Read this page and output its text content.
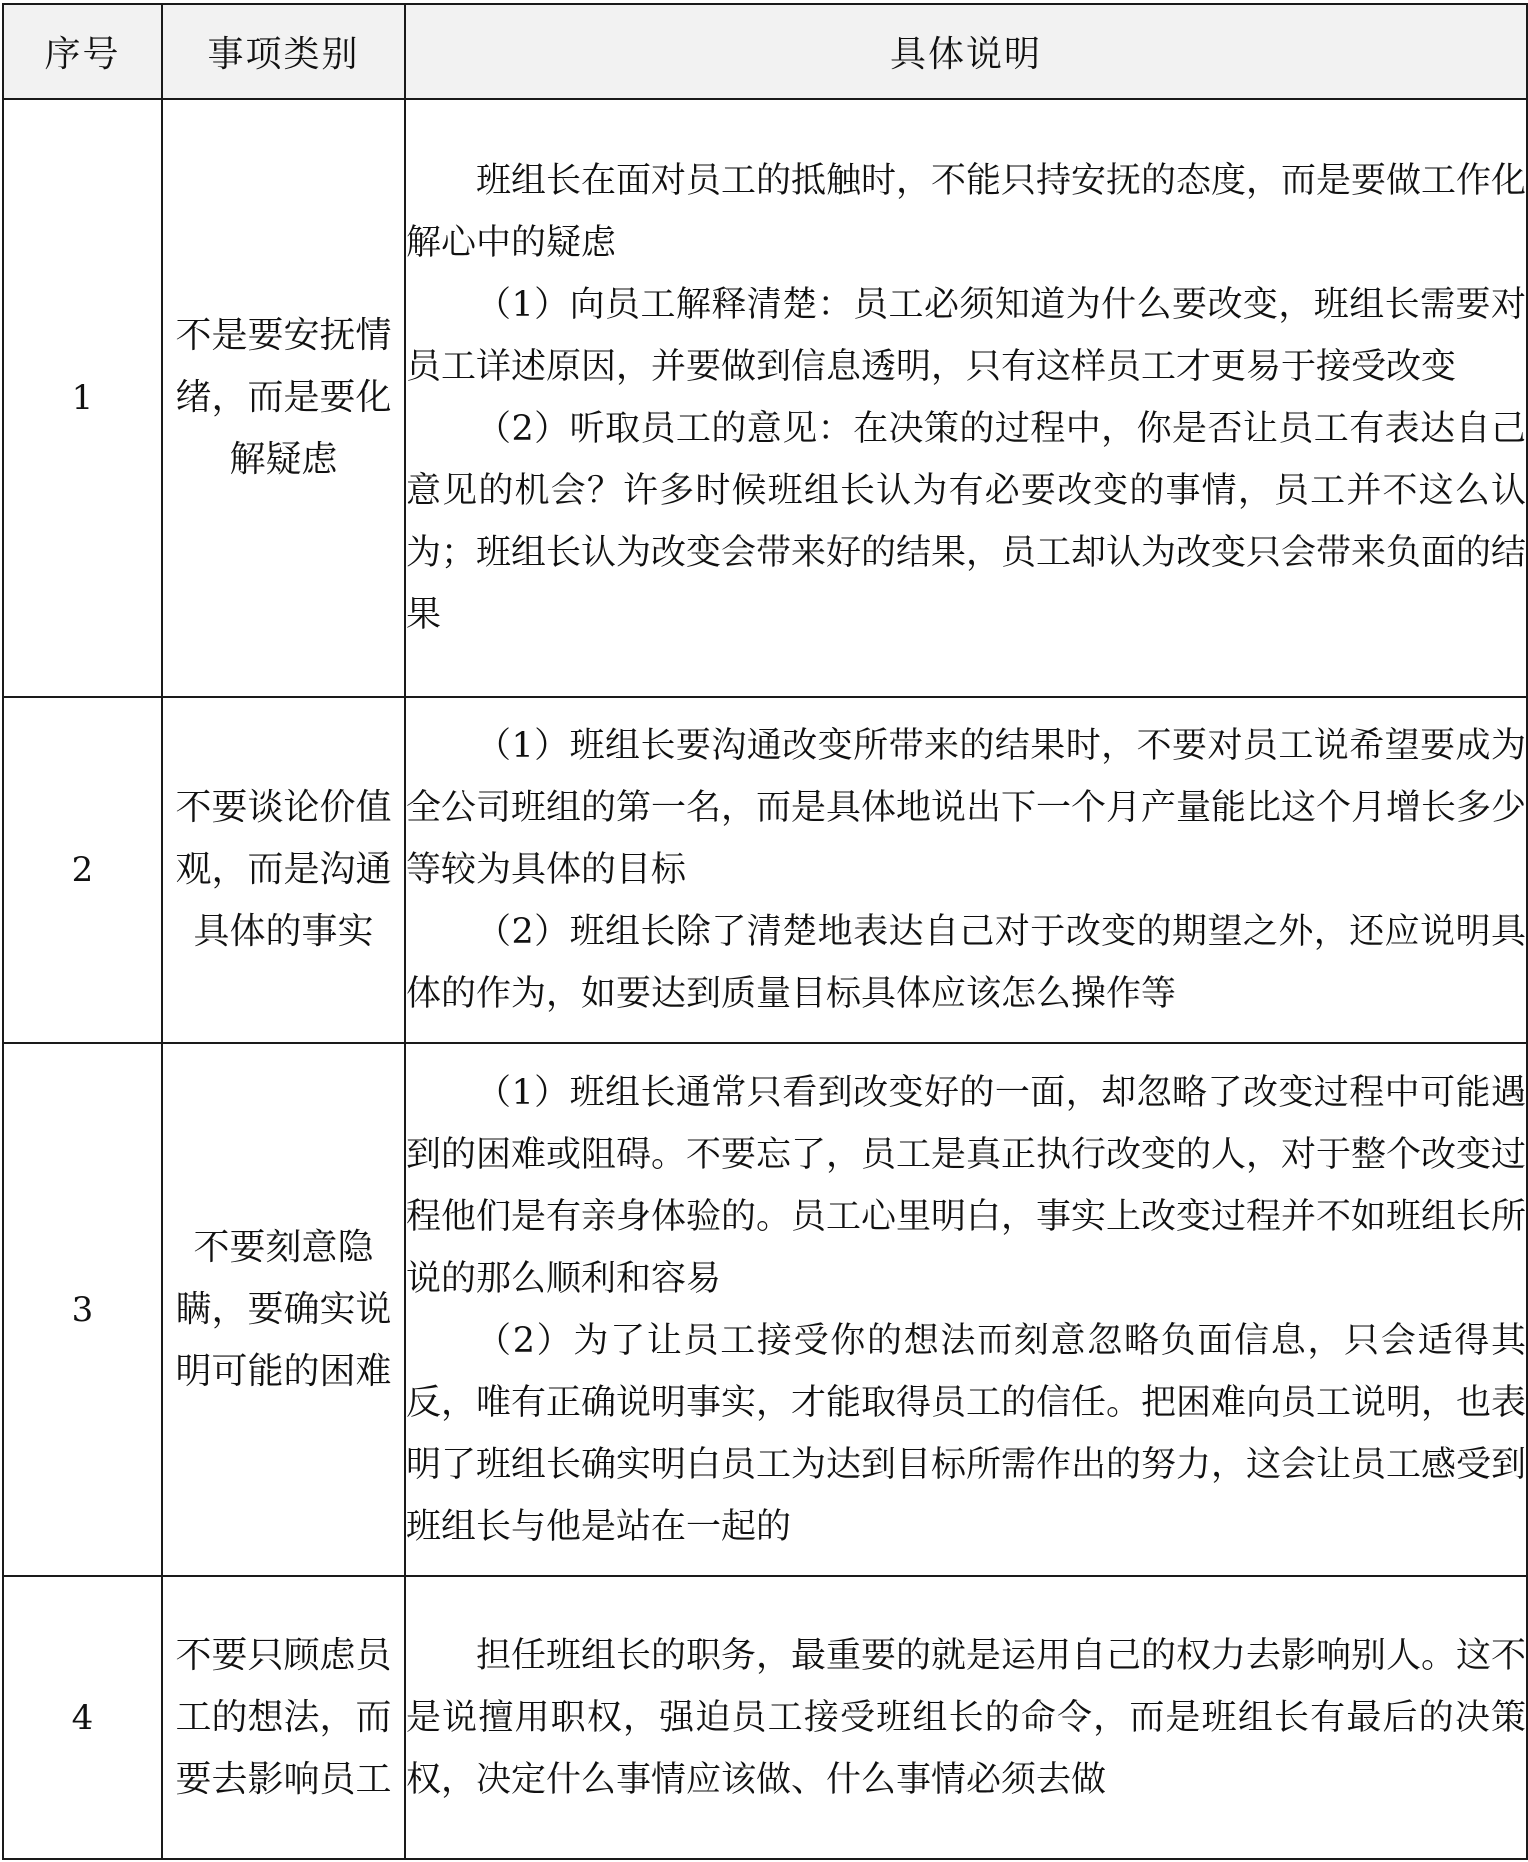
序号	事项类别	具体说明
1	不是要安抚情绪，而是要化解疑虑	班组长在面对员工的抵触时，不能只持安抚的态度，而是要做工作化解心中的疑虑

（1）向员工解释清楚：员工必须知道为什么要改变，班组长需要对员工详述原因，并要做到信息透明，只有这样员工才更易于接受改变

（2）听取员工的意见：在决策的过程中，你是否让员工有表达自己意见的机会？许多时候班组长认为有必要改变的事情，员工并不这么认为；班组长认为改变会带来好的结果，员工却认为改变只会带来负面的结果

2	不要谈论价值观，而是沟通具体的事实	（1）班组长要沟通改变所带来的结果时，不要对员工说希望要成为全公司班组的第一名，而是具体地说出下一个月产量能比这个月增长多少等较为具体的目标

（2）班组长除了清楚地表达自己对于改变的期望之外，还应说明具体的作为，如要达到质量目标具体应该怎么操作等

3	不要刻意隐瞒，要确实说明可能的困难	（1）班组长通常只看到改变好的一面，却忽略了改变过程中可能遇到的困难或阻碍。不要忘了，员工是真正执行改变的人，对于整个改变过程他们是有亲身体验的。员工心里明白，事实上改变过程并不如班组长所说的那么顺利和容易

（2）为了让员工接受你的想法而刻意忽略负面信息，只会适得其反，唯有正确说明事实，才能取得员工的信任。把困难向员工说明，也表明了班组长确实明白员工为达到目标所需作出的努力，这会让员工感受到班组长与他是站在一起的

4	不要只顾虑员工的想法，而要去影响员工	担任班组长的职务，最重要的就是运用自己的权力去影响别人。这不是说擅用职权，强迫员工接受班组长的命令，而是班组长有最后的决策权，决定什么事情应该做、什么事情必须去做
